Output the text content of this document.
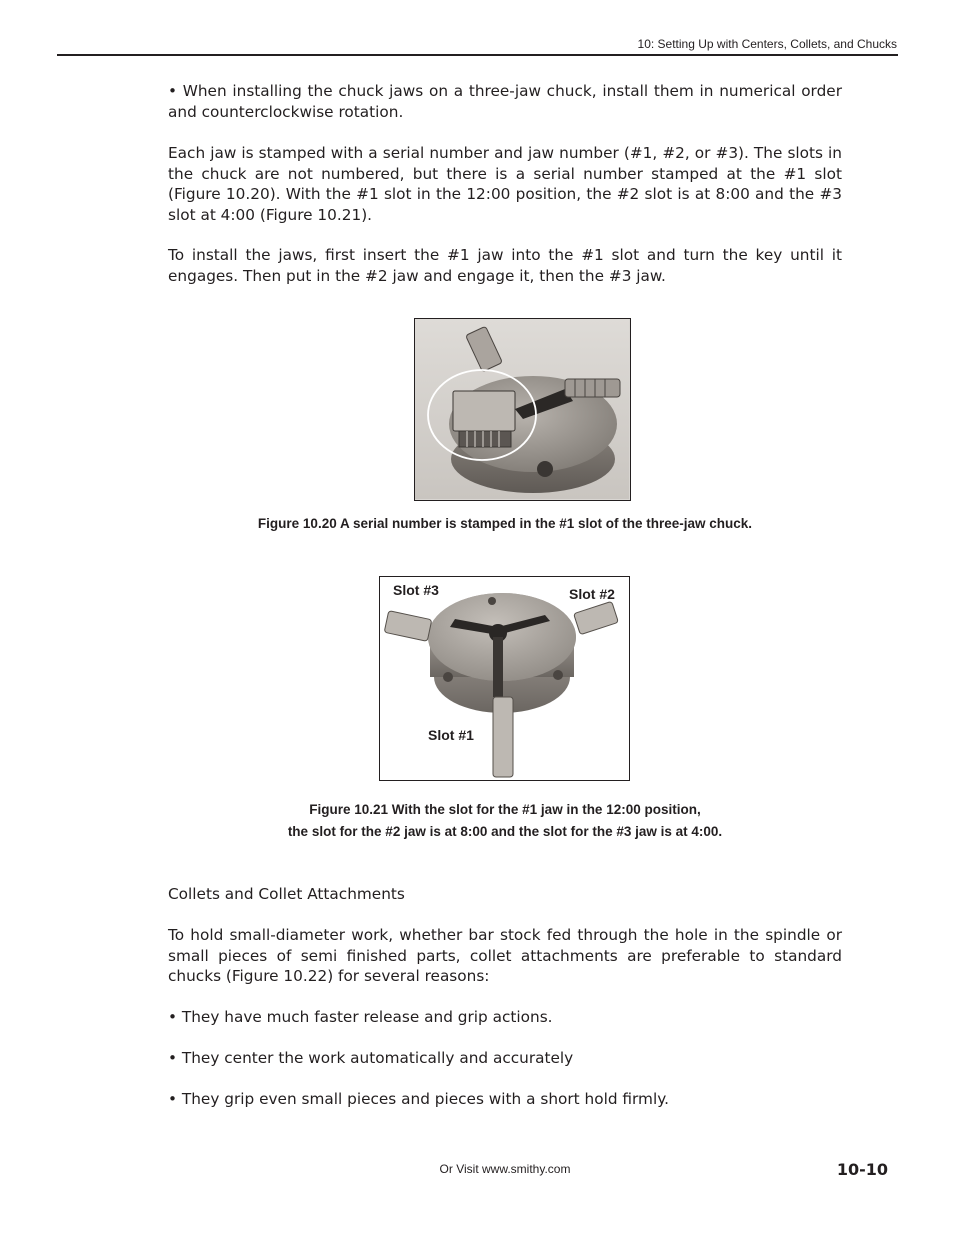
10: Setting Up with Centers, Collets, and Chucks

• When installing the chuck jaws on a three-jaw chuck, install them in numerical order and counterclockwise rotation.

Each jaw is stamped with a serial number and jaw number (#1, #2, or #3). The slots in the chuck are not numbered, but there is a serial number stamped at the #1 slot (Figure 10.20). With the #1 slot in the 12:00 position, the #2 slot is at 8:00 and the #3 slot at 4:00 (Figure 10.21).

To install the jaws, first insert the #1 jaw into the #1 slot and turn the key until it engages. Then put in the #2 jaw and engage it, then the #3 jaw.

Figure 10.20 A serial number is stamped in the #1 slot of the three-jaw chuck.

Slot #3	Slot #2
Slot #1

Figure 10.21 With the slot for the #1 jaw in the 12:00 position,

the slot for the #2 jaw is at 8:00 and the slot for the #3 jaw is at 4:00.

Collets and Collet Attachments

To hold small-diameter work, whether bar stock fed through the hole in the spindle or small pieces of semi finished parts, collet attachments are preferable to standard chucks (Figure 10.22) for several reasons:

• They have much faster release and grip actions.

• They center the work automatically and accurately

• They grip even small pieces and pieces with a short hold firmly.

Or Visit www.smithy.com	10-10
